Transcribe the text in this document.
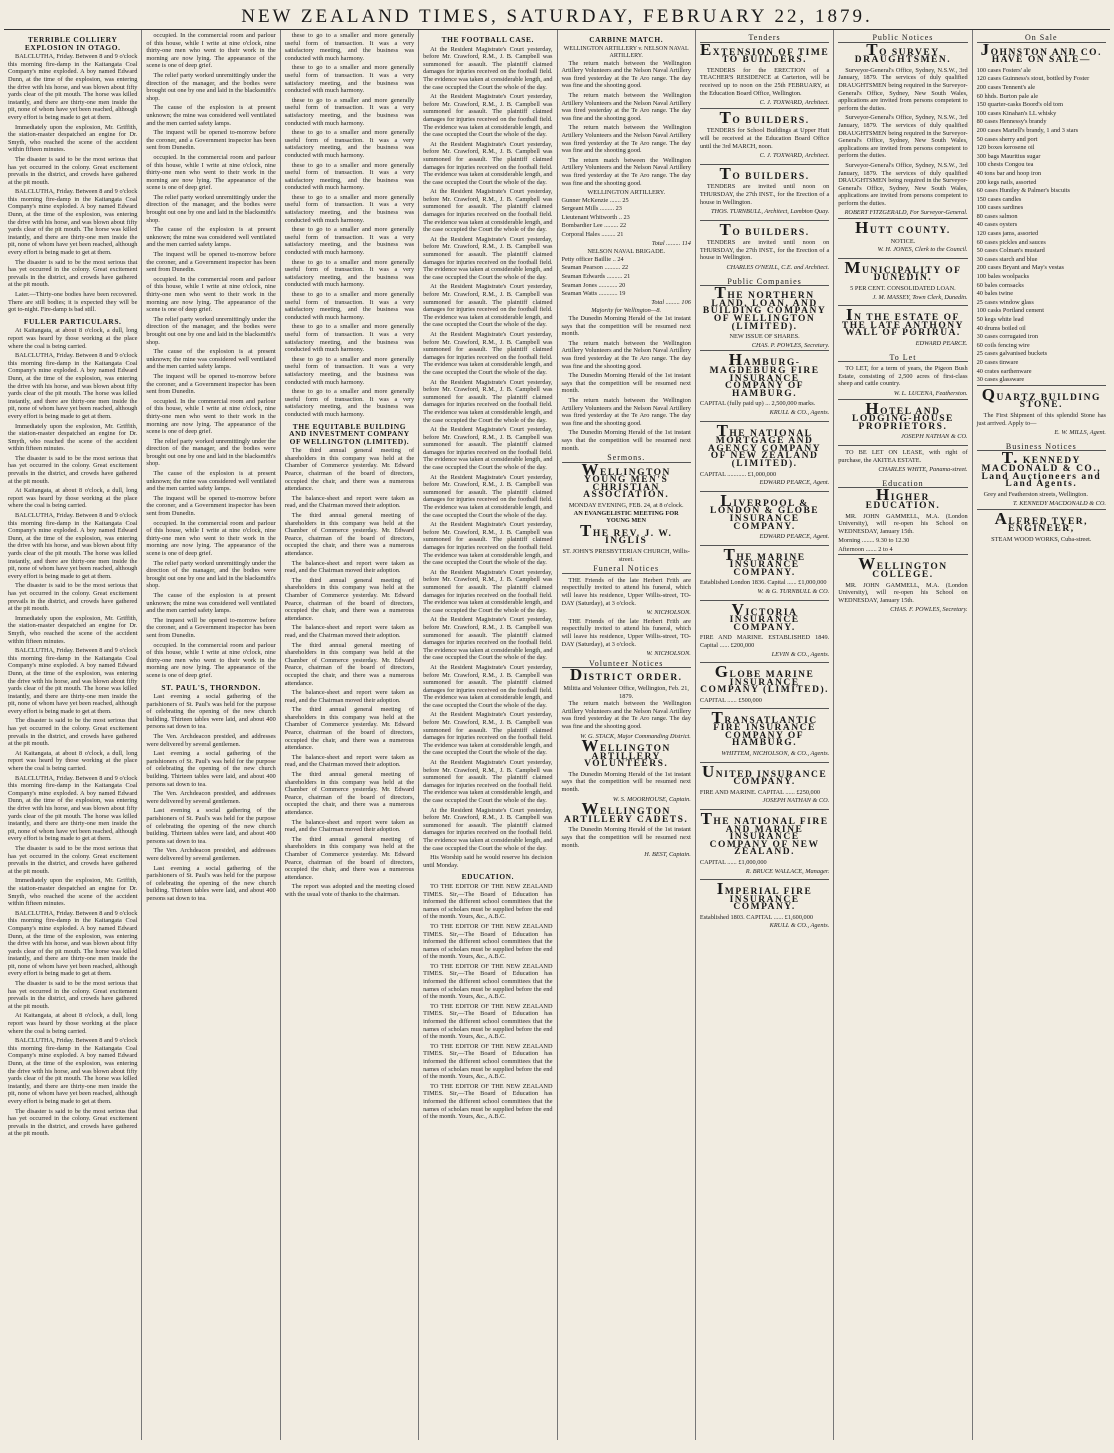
NEW ZEALAND TIMES, SATURDAY, FEBRUARY 22, 1879.
TERRIBLE COLLIERY EXPLOSION IN OTAGO.

BALCLUTHA, Friday. Between 8 and 9 o'clock this morning fire-damp in the Kaitangata Coal Company's mine exploded. A boy named Edward Dunn, at the time of the explosion, was entering the drive with his horse, and was blown about fifty yards clear of the pit mouth. The horse was killed instantly, and there are thirty-one men inside the pit, none of whom have yet been reached, although every effort is being made to get at them.

Immediately upon the explosion, Mr. Griffith, the station-master despatched an engine for Dr. Smyth, who reached the scene of the accident within fifteen minutes.

The disaster is said to be the most serious that has yet occurred in the colony. Great excitement prevails in the district, and crowds have gathered at the pit mouth.

BALCLUTHA, Friday. Between 8 and 9 o'clock this morning fire-damp in the Kaitangata Coal Company's mine exploded. A boy named Edward Dunn, at the time of the explosion, was entering the drive with his horse, and was blown about fifty yards clear of the pit mouth. The horse was killed instantly, and there are thirty-one men inside the pit, none of whom have yet been reached, although every effort is being made to get at them.

The disaster is said to be the most serious that has yet occurred in the colony. Great excitement prevails in the district, and crowds have gathered at the pit mouth.

Later.—Thirty-one bodies have been recovered. There are still bodies; it is expected they will be got to-night. Fire-damp is bad still.

FULLER PARTICULARS.

At Kaitangata, at about 8 o'clock, a dull, long report was heard by those working at the place where the coal is being carried.

BALCLUTHA, Friday. Between 8 and 9 o'clock this morning fire-damp in the Kaitangata Coal Company's mine exploded. A boy named Edward Dunn, at the time of the explosion, was entering the drive with his horse, and was blown about fifty yards clear of the pit mouth. The horse was killed instantly, and there are thirty-one men inside the pit, none of whom have yet been reached, although every effort is being made to get at them.

Immediately upon the explosion, Mr. Griffith, the station-master despatched an engine for Dr. Smyth, who reached the scene of the accident within fifteen minutes.

The disaster is said to be the most serious that has yet occurred in the colony. Great excitement prevails in the district, and crowds have gathered at the pit mouth.

At Kaitangata, at about 8 o'clock, a dull, long report was heard by those working at the place where the coal is being carried.

BALCLUTHA, Friday. Between 8 and 9 o'clock this morning fire-damp in the Kaitangata Coal Company's mine exploded. A boy named Edward Dunn, at the time of the explosion, was entering the drive with his horse, and was blown about fifty yards clear of the pit mouth. The horse was killed instantly, and there are thirty-one men inside the pit, none of whom have yet been reached, although every effort is being made to get at them.

The disaster is said to be the most serious that has yet occurred in the colony. Great excitement prevails in the district, and crowds have gathered at the pit mouth.

Immediately upon the explosion, Mr. Griffith, the station-master despatched an engine for Dr. Smyth, who reached the scene of the accident within fifteen minutes.

BALCLUTHA, Friday. Between 8 and 9 o'clock this morning fire-damp in the Kaitangata Coal Company's mine exploded. A boy named Edward Dunn, at the time of the explosion, was entering the drive with his horse, and was blown about fifty yards clear of the pit mouth. The horse was killed instantly, and there are thirty-one men inside the pit, none of whom have yet been reached, although every effort is being made to get at them.

The disaster is said to be the most serious that has yet occurred in the colony. Great excitement prevails in the district, and crowds have gathered at the pit mouth.

At Kaitangata, at about 8 o'clock, a dull, long report was heard by those working at the place where the coal is being carried.

BALCLUTHA, Friday. Between 8 and 9 o'clock this morning fire-damp in the Kaitangata Coal Company's mine exploded. A boy named Edward Dunn, at the time of the explosion, was entering the drive with his horse, and was blown about fifty yards clear of the pit mouth. The horse was killed instantly, and there are thirty-one men inside the pit, none of whom have yet been reached, although every effort is being made to get at them.

The disaster is said to be the most serious that has yet occurred in the colony. Great excitement prevails in the district, and crowds have gathered at the pit mouth.

Immediately upon the explosion, Mr. Griffith, the station-master despatched an engine for Dr. Smyth, who reached the scene of the accident within fifteen minutes.

BALCLUTHA, Friday. Between 8 and 9 o'clock this morning fire-damp in the Kaitangata Coal Company's mine exploded. A boy named Edward Dunn, at the time of the explosion, was entering the drive with his horse, and was blown about fifty yards clear of the pit mouth. The horse was killed instantly, and there are thirty-one men inside the pit, none of whom have yet been reached, although every effort is being made to get at them.

The disaster is said to be the most serious that has yet occurred in the colony. Great excitement prevails in the district, and crowds have gathered at the pit mouth.

At Kaitangata, at about 8 o'clock, a dull, long report was heard by those working at the place where the coal is being carried.

BALCLUTHA, Friday. Between 8 and 9 o'clock this morning fire-damp in the Kaitangata Coal Company's mine exploded. A boy named Edward Dunn, at the time of the explosion, was entering the drive with his horse, and was blown about fifty yards clear of the pit mouth. The horse was killed instantly, and there are thirty-one men inside the pit, none of whom have yet been reached, although every effort is being made to get at them.

The disaster is said to be the most serious that has yet occurred in the colony. Great excitement prevails in the district, and crowds have gathered at the pit mouth.

occupied. In the commercial room and parlour of this house, while I write at nine o'clock, nine thirty-one men who went to their work in the morning are now lying. The appearance of the scene is one of deep grief.

The relief party worked unremittingly under the direction of the manager, and the bodies were brought out one by one and laid in the blacksmith's shop.

The cause of the explosion is at present unknown; the mine was considered well ventilated and the men carried safety lamps.

The inquest will be opened to-morrow before the coroner, and a Government inspector has been sent from Dunedin.

occupied. In the commercial room and parlour of this house, while I write at nine o'clock, nine thirty-one men who went to their work in the morning are now lying. The appearance of the scene is one of deep grief.

The relief party worked unremittingly under the direction of the manager, and the bodies were brought out one by one and laid in the blacksmith's shop.

The cause of the explosion is at present unknown; the mine was considered well ventilated and the men carried safety lamps.

The inquest will be opened to-morrow before the coroner, and a Government inspector has been sent from Dunedin.

occupied. In the commercial room and parlour of this house, while I write at nine o'clock, nine thirty-one men who went to their work in the morning are now lying. The appearance of the scene is one of deep grief.

The relief party worked unremittingly under the direction of the manager, and the bodies were brought out one by one and laid in the blacksmith's shop.

The cause of the explosion is at present unknown; the mine was considered well ventilated and the men carried safety lamps.

The inquest will be opened to-morrow before the coroner, and a Government inspector has been sent from Dunedin.

occupied. In the commercial room and parlour of this house, while I write at nine o'clock, nine thirty-one men who went to their work in the morning are now lying. The appearance of the scene is one of deep grief.

The relief party worked unremittingly under the direction of the manager, and the bodies were brought out one by one and laid in the blacksmith's shop.

The cause of the explosion is at present unknown; the mine was considered well ventilated and the men carried safety lamps.

The inquest will be opened to-morrow before the coroner, and a Government inspector has been sent from Dunedin.

occupied. In the commercial room and parlour of this house, while I write at nine o'clock, nine thirty-one men who went to their work in the morning are now lying. The appearance of the scene is one of deep grief.

The relief party worked unremittingly under the direction of the manager, and the bodies were brought out one by one and laid in the blacksmith's shop.

The cause of the explosion is at present unknown; the mine was considered well ventilated and the men carried safety lamps.

The inquest will be opened to-morrow before the coroner, and a Government inspector has been sent from Dunedin.

occupied. In the commercial room and parlour of this house, while I write at nine o'clock, nine thirty-one men who went to their work in the morning are now lying. The appearance of the scene is one of deep grief.

ST. PAUL'S, THORNDON.

Last evening a social gathering of the parishioners of St. Paul's was held for the purpose of celebrating the opening of the new church building. Thirteen tables were laid, and about 400 persons sat down to tea.

The Ven. Archdeacon presided, and addresses were delivered by several gentlemen.

Last evening a social gathering of the parishioners of St. Paul's was held for the purpose of celebrating the opening of the new church building. Thirteen tables were laid, and about 400 persons sat down to tea.

The Ven. Archdeacon presided, and addresses were delivered by several gentlemen.

Last evening a social gathering of the parishioners of St. Paul's was held for the purpose of celebrating the opening of the new church building. Thirteen tables were laid, and about 400 persons sat down to tea.

The Ven. Archdeacon presided, and addresses were delivered by several gentlemen.

Last evening a social gathering of the parishioners of St. Paul's was held for the purpose of celebrating the opening of the new church building. Thirteen tables were laid, and about 400 persons sat down to tea.

these to go to a smaller and more generally useful form of transaction. It was a very satisfactory meeting, and the business was conducted with much harmony.

these to go to a smaller and more generally useful form of transaction. It was a very satisfactory meeting, and the business was conducted with much harmony.

these to go to a smaller and more generally useful form of transaction. It was a very satisfactory meeting, and the business was conducted with much harmony.

these to go to a smaller and more generally useful form of transaction. It was a very satisfactory meeting, and the business was conducted with much harmony.

these to go to a smaller and more generally useful form of transaction. It was a very satisfactory meeting, and the business was conducted with much harmony.

these to go to a smaller and more generally useful form of transaction. It was a very satisfactory meeting, and the business was conducted with much harmony.

these to go to a smaller and more generally useful form of transaction. It was a very satisfactory meeting, and the business was conducted with much harmony.

these to go to a smaller and more generally useful form of transaction. It was a very satisfactory meeting, and the business was conducted with much harmony.

these to go to a smaller and more generally useful form of transaction. It was a very satisfactory meeting, and the business was conducted with much harmony.

these to go to a smaller and more generally useful form of transaction. It was a very satisfactory meeting, and the business was conducted with much harmony.

these to go to a smaller and more generally useful form of transaction. It was a very satisfactory meeting, and the business was conducted with much harmony.

these to go to a smaller and more generally useful form of transaction. It was a very satisfactory meeting, and the business was conducted with much harmony.

THE EQUITABLE BUILDING AND INVESTMENT COMPANY OF WELLINGTON (LIMITED).

The third annual general meeting of shareholders in this company was held at the Chamber of Commerce yesterday. Mr. Edward Pearce, chairman of the board of directors, occupied the chair, and there was a numerous attendance.

The balance-sheet and report were taken as read, and the Chairman moved their adoption.

The third annual general meeting of shareholders in this company was held at the Chamber of Commerce yesterday. Mr. Edward Pearce, chairman of the board of directors, occupied the chair, and there was a numerous attendance.

The balance-sheet and report were taken as read, and the Chairman moved their adoption.

The third annual general meeting of shareholders in this company was held at the Chamber of Commerce yesterday. Mr. Edward Pearce, chairman of the board of directors, occupied the chair, and there was a numerous attendance.

The balance-sheet and report were taken as read, and the Chairman moved their adoption.

The third annual general meeting of shareholders in this company was held at the Chamber of Commerce yesterday. Mr. Edward Pearce, chairman of the board of directors, occupied the chair, and there was a numerous attendance.

The balance-sheet and report were taken as read, and the Chairman moved their adoption.

The third annual general meeting of shareholders in this company was held at the Chamber of Commerce yesterday. Mr. Edward Pearce, chairman of the board of directors, occupied the chair, and there was a numerous attendance.

The balance-sheet and report were taken as read, and the Chairman moved their adoption.

The third annual general meeting of shareholders in this company was held at the Chamber of Commerce yesterday. Mr. Edward Pearce, chairman of the board of directors, occupied the chair, and there was a numerous attendance.

The balance-sheet and report were taken as read, and the Chairman moved their adoption.

The third annual general meeting of shareholders in this company was held at the Chamber of Commerce yesterday. Mr. Edward Pearce, chairman of the board of directors, occupied the chair, and there was a numerous attendance.

The report was adopted and the meeting closed with the usual vote of thanks to the chairman.

THE FOOTBALL CASE.

At the Resident Magistrate's Court yesterday, before Mr. Crawford, R.M., J. B. Campbell was summoned for assault. The plaintiff claimed damages for injuries received on the football field. The evidence was taken at considerable length, and the case occupied the Court the whole of the day.

At the Resident Magistrate's Court yesterday, before Mr. Crawford, R.M., J. B. Campbell was summoned for assault. The plaintiff claimed damages for injuries received on the football field. The evidence was taken at considerable length, and the case occupied the Court the whole of the day.

At the Resident Magistrate's Court yesterday, before Mr. Crawford, R.M., J. B. Campbell was summoned for assault. The plaintiff claimed damages for injuries received on the football field. The evidence was taken at considerable length, and the case occupied the Court the whole of the day.

At the Resident Magistrate's Court yesterday, before Mr. Crawford, R.M., J. B. Campbell was summoned for assault. The plaintiff claimed damages for injuries received on the football field. The evidence was taken at considerable length, and the case occupied the Court the whole of the day.

At the Resident Magistrate's Court yesterday, before Mr. Crawford, R.M., J. B. Campbell was summoned for assault. The plaintiff claimed damages for injuries received on the football field. The evidence was taken at considerable length, and the case occupied the Court the whole of the day.

At the Resident Magistrate's Court yesterday, before Mr. Crawford, R.M., J. B. Campbell was summoned for assault. The plaintiff claimed damages for injuries received on the football field. The evidence was taken at considerable length, and the case occupied the Court the whole of the day.

At the Resident Magistrate's Court yesterday, before Mr. Crawford, R.M., J. B. Campbell was summoned for assault. The plaintiff claimed damages for injuries received on the football field. The evidence was taken at considerable length, and the case occupied the Court the whole of the day.

At the Resident Magistrate's Court yesterday, before Mr. Crawford, R.M., J. B. Campbell was summoned for assault. The plaintiff claimed damages for injuries received on the football field. The evidence was taken at considerable length, and the case occupied the Court the whole of the day.

At the Resident Magistrate's Court yesterday, before Mr. Crawford, R.M., J. B. Campbell was summoned for assault. The plaintiff claimed damages for injuries received on the football field. The evidence was taken at considerable length, and the case occupied the Court the whole of the day.

At the Resident Magistrate's Court yesterday, before Mr. Crawford, R.M., J. B. Campbell was summoned for assault. The plaintiff claimed damages for injuries received on the football field. The evidence was taken at considerable length, and the case occupied the Court the whole of the day.

At the Resident Magistrate's Court yesterday, before Mr. Crawford, R.M., J. B. Campbell was summoned for assault. The plaintiff claimed damages for injuries received on the football field. The evidence was taken at considerable length, and the case occupied the Court the whole of the day.

At the Resident Magistrate's Court yesterday, before Mr. Crawford, R.M., J. B. Campbell was summoned for assault. The plaintiff claimed damages for injuries received on the football field. The evidence was taken at considerable length, and the case occupied the Court the whole of the day.

At the Resident Magistrate's Court yesterday, before Mr. Crawford, R.M., J. B. Campbell was summoned for assault. The plaintiff claimed damages for injuries received on the football field. The evidence was taken at considerable length, and the case occupied the Court the whole of the day.

At the Resident Magistrate's Court yesterday, before Mr. Crawford, R.M., J. B. Campbell was summoned for assault. The plaintiff claimed damages for injuries received on the football field. The evidence was taken at considerable length, and the case occupied the Court the whole of the day.

At the Resident Magistrate's Court yesterday, before Mr. Crawford, R.M., J. B. Campbell was summoned for assault. The plaintiff claimed damages for injuries received on the football field. The evidence was taken at considerable length, and the case occupied the Court the whole of the day.

At the Resident Magistrate's Court yesterday, before Mr. Crawford, R.M., J. B. Campbell was summoned for assault. The plaintiff claimed damages for injuries received on the football field. The evidence was taken at considerable length, and the case occupied the Court the whole of the day.

At the Resident Magistrate's Court yesterday, before Mr. Crawford, R.M., J. B. Campbell was summoned for assault. The plaintiff claimed damages for injuries received on the football field. The evidence was taken at considerable length, and the case occupied the Court the whole of the day.

His Worship said he would reserve his decision until Monday.

EDUCATION.

TO THE EDITOR OF THE NEW ZEALAND TIMES. Sir,—The Board of Education has informed the different school committees that the names of scholars must be supplied before the end of the month. Yours, &c., A.B.C.

TO THE EDITOR OF THE NEW ZEALAND TIMES. Sir,—The Board of Education has informed the different school committees that the names of scholars must be supplied before the end of the month. Yours, &c., A.B.C.

TO THE EDITOR OF THE NEW ZEALAND TIMES. Sir,—The Board of Education has informed the different school committees that the names of scholars must be supplied before the end of the month. Yours, &c., A.B.C.

TO THE EDITOR OF THE NEW ZEALAND TIMES. Sir,—The Board of Education has informed the different school committees that the names of scholars must be supplied before the end of the month. Yours, &c., A.B.C.

TO THE EDITOR OF THE NEW ZEALAND TIMES. Sir,—The Board of Education has informed the different school committees that the names of scholars must be supplied before the end of the month. Yours, &c., A.B.C.

TO THE EDITOR OF THE NEW ZEALAND TIMES. Sir,—The Board of Education has informed the different school committees that the names of scholars must be supplied before the end of the month. Yours, &c., A.B.C.

CARBINE MATCH.
WELLINGTON ARTILLERY v. NELSON NAVAL ARTILLERY.

The return match between the Wellington Artillery Volunteers and the Nelson Naval Artillery was fired yesterday at the Te Aro range. The day was fine and the shooting good.

The return match between the Wellington Artillery Volunteers and the Nelson Naval Artillery was fired yesterday at the Te Aro range. The day was fine and the shooting good.

The return match between the Wellington Artillery Volunteers and the Nelson Naval Artillery was fired yesterday at the Te Aro range. The day was fine and the shooting good.

The return match between the Wellington Artillery Volunteers and the Nelson Naval Artillery was fired yesterday at the Te Aro range. The day was fine and the shooting good.

WELLINGTON ARTILLERY.
Gunner McKenzie ....... 25
Sergeant Mills ......... 23
Lieutenant Whitworth .. 23
Bombardier Lee ......... 22
Corporal Hales ......... 21
Total ......... 114
NELSON NAVAL BRIGADE.
Petty officer Baillie .. 24
Seaman Pearson .......... 22
Seaman Edwards .......... 21
Seaman Jones ............ 20
Seaman Watts ............ 19
Total ......... 106
Majority for Wellington—8.

The Dunedin Morning Herald of the 1st instant says that the competition will be resumed next month.

The return match between the Wellington Artillery Volunteers and the Nelson Naval Artillery was fired yesterday at the Te Aro range. The day was fine and the shooting good.

The Dunedin Morning Herald of the 1st instant says that the competition will be resumed next month.

The return match between the Wellington Artillery Volunteers and the Nelson Naval Artillery was fired yesterday at the Te Aro range. The day was fine and the shooting good.

The Dunedin Morning Herald of the 1st instant says that the competition will be resumed next month.

Sermons.
WELLINGTON YOUNG MEN'S CHRISTIAN ASSOCIATION.
MONDAY EVENING, FEB. 24, at 8 o'clock.
AN EVANGELISTIC MEETING FOR YOUNG MEN
THE REV. J. W. INGLIS
ST. JOHN'S PRESBYTERIAN CHURCH, Willis-street.
Funeral Notices

THE Friends of the late Herbert Frith are respectfully invited to attend his funeral, which will leave his residence, Upper Willis-street, TO-DAY (Saturday), at 3 o'clock.

W. NICHOLSON.

THE Friends of the late Herbert Frith are respectfully invited to attend his funeral, which will leave his residence, Upper Willis-street, TO-DAY (Saturday), at 3 o'clock.

W. NICHOLSON.
Volunteer Notices
DISTRICT ORDER.
Militia and Volunteer Office, Wellington, Feb. 21, 1879.

The return match between the Wellington Artillery Volunteers and the Nelson Naval Artillery was fired yesterday at the Te Aro range. The day was fine and the shooting good.

W. G. STACK, Major Commanding District.
WELLINGTON ARTILLERY VOLUNTEERS.

The Dunedin Morning Herald of the 1st instant says that the competition will be resumed next month.

W. S. MOORHOUSE, Captain.
WELLINGTON ARTILLERY CADETS.

The Dunedin Morning Herald of the 1st instant says that the competition will be resumed next month.

H. BEST, Captain.
Tenders
EXTENSION OF TIME TO BUILDERS.

TENDERS for the ERECTION of a TEACHER'S RESIDENCE at Carterton, will be received up to noon on the 25th FEBRUARY, at the Education Board Office, Wellington.

C. J. TOXWARD, Architect.
TO BUILDERS.

TENDERS for School Buildings at Upper Hutt will be received at the Education Board Office until the 3rd MARCH, noon.

C. J. TOXWARD, Architect.
TO BUILDERS.

TENDERS are invited until noon on THURSDAY, the 27th INST., for the Erection of a house in Wellington.

THOS. TURNBULL, Architect, Lambton Quay.
TO BUILDERS.

TENDERS are invited until noon on THURSDAY, the 27th INST., for the Erection of a house in Wellington.

CHARLES O'NEILL, C.E. and Architect.
Public Companies
THE NORTHERN LAND, LOAN, AND BUILDING COMPANY OF WELLINGTON (LIMITED).
NEW ISSUE OF SHARES.
CHAS. P. POWLES, Secretary.
HAMBURG-MAGDEBURG FIRE INSURANCE COMPANY OF HAMBURG.
CAPITAL (fully paid up) ... 2,500,000 marks.
KRULL & CO., Agents.
THE NATIONAL MORTGAGE AND AGENCY COMPANY OF NEW ZEALAND (LIMITED).
CAPITAL ............ £1,000,000
EDWARD PEARCE, Agent.
LIVERPOOL & LONDON & GLOBE INSURANCE COMPANY.
EDWARD PEARCE, Agent.
THE MARINE INSURANCE COMPANY.
Established London 1836. Capital ...... £1,000,000
W. & G. TURNBULL & CO.
VICTORIA INSURANCE COMPANY.
FIRE AND MARINE. ESTABLISHED 1849. Capital ...... £200,000
LEVIN & CO., Agents.
GLOBE MARINE INSURANCE COMPANY (LIMITED).
CAPITAL ...... £500,000
TRANSATLANTIC FIRE INSURANCE COMPANY OF HAMBURG.
WHITTEM, NICHOLSON, & CO., Agents.
UNITED INSURANCE COMPANY.
FIRE AND MARINE. CAPITAL ...... £250,000
JOSEPH NATHAN & CO.
THE NATIONAL FIRE AND MARINE INSURANCE COMPANY OF NEW ZEALAND.
CAPITAL ...... £1,000,000
R. BRUCE WALLACE, Manager.
IMPERIAL FIRE INSURANCE COMPANY.
Established 1803. CAPITAL ...... £1,600,000
KRULL & CO., Agents.
Public Notices
TO SURVEY DRAUGHTSMEN.

Surveyor-General's Office, Sydney, N.S.W., 3rd January, 1879. The services of duly qualified DRAUGHTSMEN being required in the Surveyor-General's Office, Sydney, New South Wales, applications are invited from persons competent to perform the duties.

Surveyor-General's Office, Sydney, N.S.W., 3rd January, 1879. The services of duly qualified DRAUGHTSMEN being required in the Surveyor-General's Office, Sydney, New South Wales, applications are invited from persons competent to perform the duties.

Surveyor-General's Office, Sydney, N.S.W., 3rd January, 1879. The services of duly qualified DRAUGHTSMEN being required in the Surveyor-General's Office, Sydney, New South Wales, applications are invited from persons competent to perform the duties.

ROBERT FITZGERALD, For Surveyor-General.
HUTT COUNTY.
NOTICE.
W. H. JONES, Clerk to the Council.
MUNICIPALITY OF DUNEDIN.
5 PER CENT. CONSOLIDATED LOAN.
J. M. MASSEY, Town Clerk, Dunedin.
IN THE ESTATE OF THE LATE ANTHONY WALL OF PORIRUA.
EDWARD PEARCE.
To Let

TO LET, for a term of years, the Pigeon Bush Estate, consisting of 2,500 acres of first-class sheep and cattle country.

W. L. LUCENA, Featherston.
HOTEL AND LODGING-HOUSE PROPRIETORS.
JOSEPH NATHAN & CO.

TO BE LET ON LEASE, with right of purchase, the AKITEA ESTATE.

CHARLES WHITE, Panama-street.
Education
HIGHER EDUCATION.

MR. JOHN GAMMELL, M.A. (London University), will re-open his School on WEDNESDAY, January 15th.

Morning ........ 9.30 to 12.30
Afternoon ....... 2 to 4
WELLINGTON COLLEGE.

MR. JOHN GAMMELL, M.A. (London University), will re-open his School on WEDNESDAY, January 15th.

CHAS. F. POWLES, Secretary.
On Sale
JOHNSTON AND CO. HAVE ON SALE—
100 cases Fosters' ale
120 cases Guinness's stout, bottled by Foster
200 cases Tennent's ale
60 hhds. Burton pale ale
150 quarter-casks Boord's old tom
100 cases Kinahan's LL whisky
80 cases Hennessy's brandy
200 cases Martell's brandy, 1 and 3 stars
50 cases sherry and port
120 boxes kerosene oil
300 bags Mauritius sugar
100 chests Congou tea
40 tons bar and hoop iron
200 kegs nails, assorted
60 cases Huntley & Palmer's biscuits
150 cases candles
100 cases sardines
80 cases salmon
40 cases oysters
120 cases jams, assorted
60 cases pickles and sauces
50 cases Colman's mustard
30 cases starch and blue
200 cases Bryant and May's vestas
100 bales woolpacks
60 bales cornsacks
40 bales twine
25 cases window glass
100 casks Portland cement
50 kegs white lead
40 drums boiled oil
30 cases corrugated iron
60 coils fencing wire
25 cases galvanised buckets
20 cases tinware
40 crates earthenware
30 cases glassware
QUARTZ BUILDING STONE.

The First Shipment of this splendid Stone has just arrived. Apply to—

E. W. MILLS, Agent.
Business Notices
T. KENNEDY MACDONALD & CO., Land Auctioneers and Land Agents.

Grey and Featherston streets, Wellington.

T. KENNEDY MACDONALD & CO.
ALFRED TYER, ENGINEER,
STEAM WOOD WORKS, Cuba-street.
